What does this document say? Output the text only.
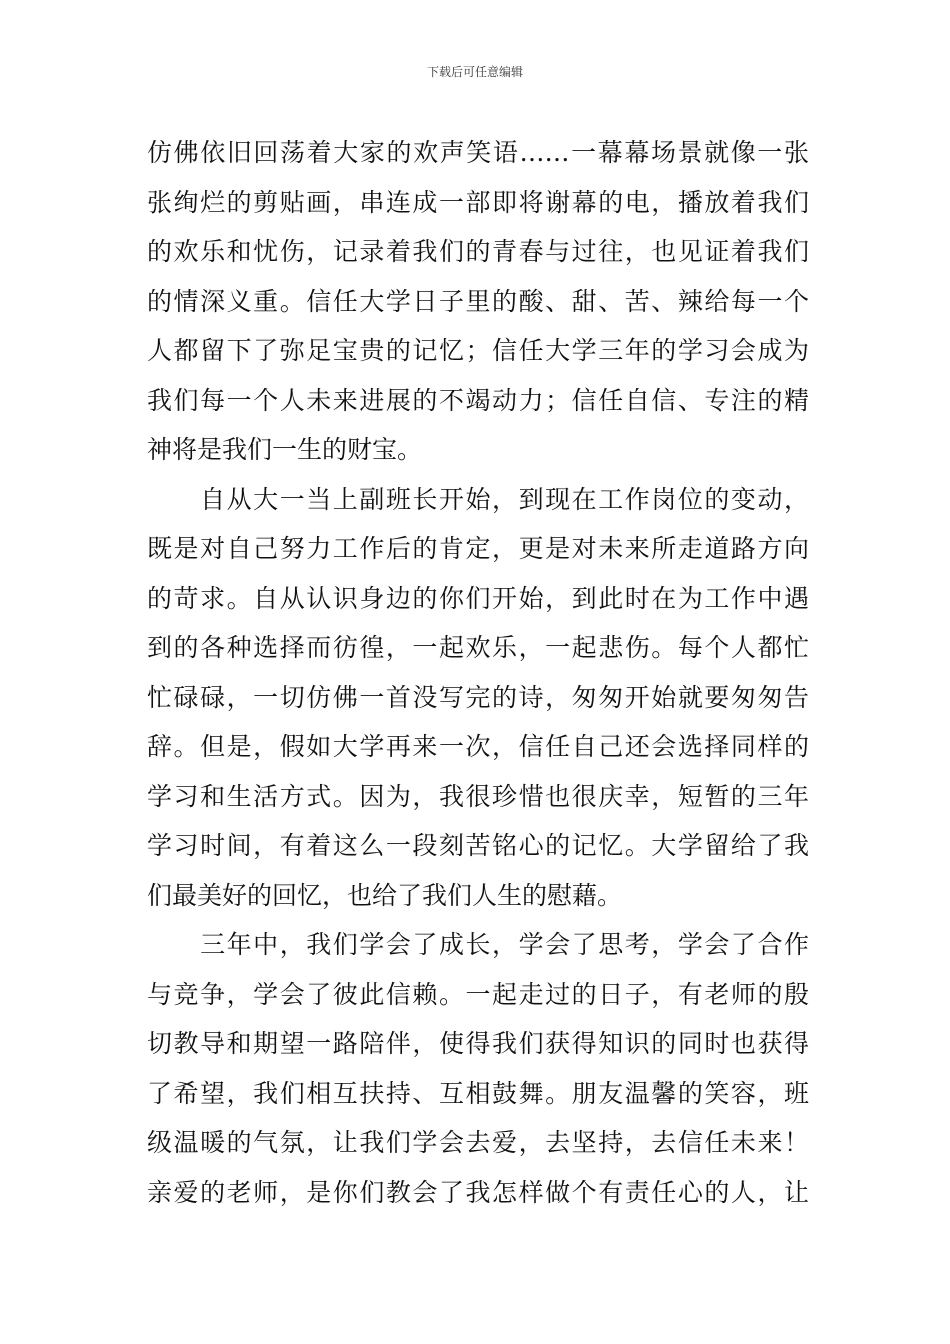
下载后可任意编辑
仿佛依旧回荡着大家的欢声笑语……一幕幕场景就像一张
张绚烂的剪贴画，串连成一部即将谢幕的电，播放着我们
的欢乐和忧伤，记录着我们的青春与过往，也见证着我们
的情深义重。信任大学日子里的酸、甜、苦、辣给每一个
人都留下了弥足宝贵的记忆；信任大学三年的学习会成为
我们每一个人未来进展的不竭动力；信任自信、专注的精
神将是我们一生的财宝。
　　自从大一当上副班长开始，到现在工作岗位的变动，
既是对自己努力工作后的肯定，更是对未来所走道路方向
的苛求。自从认识身边的你们开始，到此时在为工作中遇
到的各种选择而彷徨，一起欢乐，一起悲伤。每个人都忙
忙碌碌，一切仿佛一首没写完的诗，匆匆开始就要匆匆告
辞。但是，假如大学再来一次，信任自己还会选择同样的
学习和生活方式。因为，我很珍惜也很庆幸，短暂的三年
学习时间，有着这么一段刻苦铭心的记忆。大学留给了我
们最美好的回忆，也给了我们人生的慰藉。
　　三年中，我们学会了成长，学会了思考，学会了合作
与竞争，学会了彼此信赖。一起走过的日子，有老师的殷
切教导和期望一路陪伴，使得我们获得知识的同时也获得
了希望，我们相互扶持、互相鼓舞。朋友温馨的笑容，班
级温暖的气氛，让我们学会去爱，去坚持，去信任未来！
亲爱的老师，是你们教会了我怎样做个有责任心的人，让
